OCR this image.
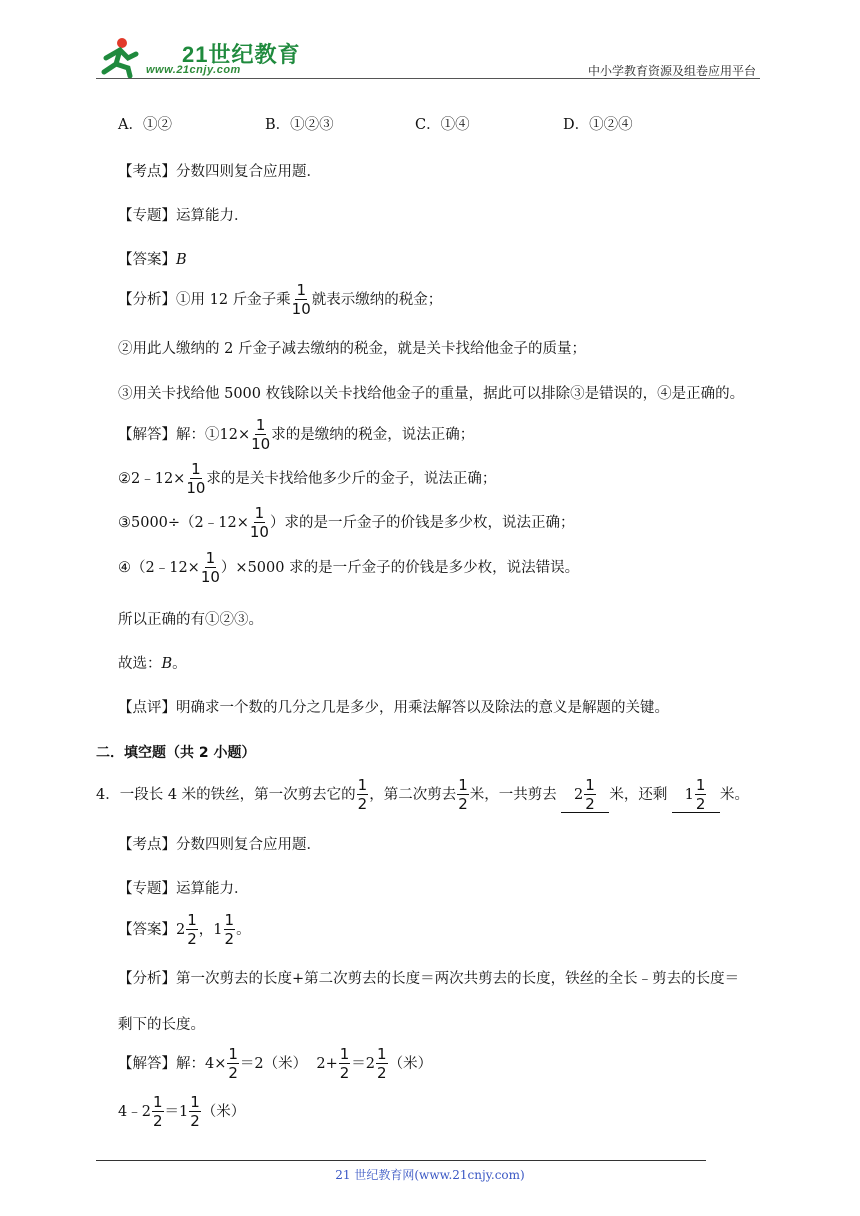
21世纪教育
www.21cnjy.com	中小学教育资源及组卷应用平台
A．①②	B．①②③	C．①④	D．①②④
【考点】分数四则复合应用题．
【专题】运算能力．
【答案】B
【分析】①用 12 斤金子乘 $\frac{1}{10}$ 就表示缴纳的税金；
②用此人缴纳的 2 斤金子减去缴纳的税金，就是关卡找给他金子的质量；
③用关卡找给他 5000 枚钱除以关卡找给他金子的重量，据此可以排除③是错误的，④是正确的。
【解答】解：①12× $\frac{1}{10}$ 求的是缴纳的税金，说法正确；
②2﹣12× $\frac{1}{10}$ 求的是关卡找给他多少斤的金子，说法正确；
③5000÷（2﹣12× $\frac{1}{10}$ ）求的是一斤金子的价钱是多少枚，说法正确；
④（2﹣12× $\frac{1}{10} )\times 5000$ 求的是一斤金子的价钱是多少枚，说法错误。
所以正确的有①②③。
故选：B。
【点评】明确求一个数的几分之几是多少，用乘法解答以及除法的意义是解题的关键。
二．填空题（共 2 小题）
4．一段长 4 米的铁丝，第一次剪去它的 $\frac{1}{2}$ ，第二次剪去 $\frac{1}{2}$ 米，一共剪去 $2 \frac{1}{2}$ 米，还剩 $1 \frac{1}{2}$ 米。
【考点】分数四则复合应用题．
【专题】运算能力．
【答案】$2 \frac{1}{2}$ ，$1 \frac{1}{2}$ 。
【分析】第一次剪去的长度+第二次剪去的长度＝两次共剪去的长度，铁丝的全长﹣剪去的长度＝
剩下的长度。
【解答】解：$4\times \frac{1}{2} =2$（米） $2+ \frac{1}{2} =2 \frac{1}{2}$ （米）
4﹣2 $\frac{1}{2} =1 \frac{1}{2}$ （米）
21 世纪教育网(www.21cnjy.com)
